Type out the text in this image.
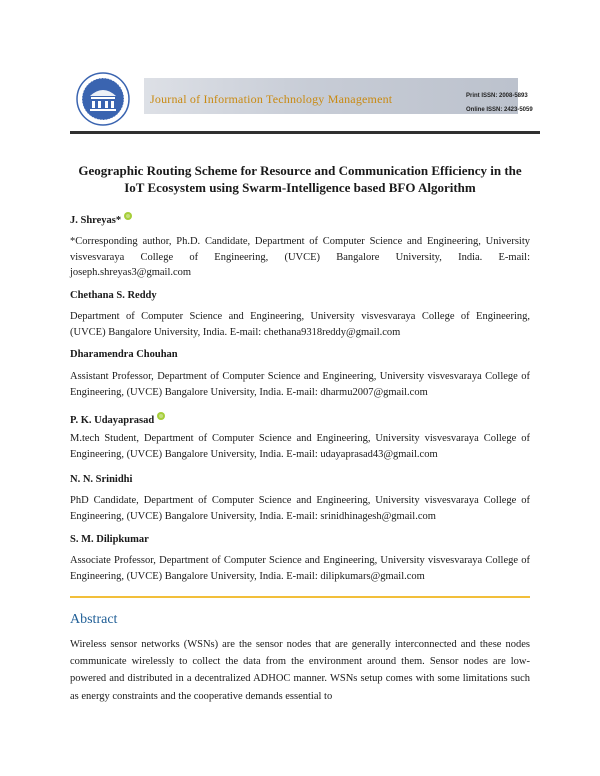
Journal of Information Technology Management	Print ISSN: 2008-5893
Online ISSN: 2423-5059
Geographic Routing Scheme for Resource and Communication Efficiency in the IoT Ecosystem using Swarm-Intelligence based BFO Algorithm
J. Shreyas*
*Corresponding author, Ph.D. Candidate, Department of Computer Science and Engineering, University visvesvaraya College of Engineering, (UVCE) Bangalore University, India. E-mail: joseph.shreyas3@gmail.com
Chethana S. Reddy
Department of Computer Science and Engineering, University visvesvaraya College of Engineering, (UVCE) Bangalore University, India. E-mail: chethana9318reddy@gmail.com
Dharamendra Chouhan
Assistant Professor, Department of Computer Science and Engineering, University visvesvaraya College of Engineering, (UVCE) Bangalore University, India. E-mail: dharmu2007@gmail.com
P. K. Udayaprasad
M.tech Student, Department of Computer Science and Engineering, University visvesvaraya College of Engineering, (UVCE) Bangalore University, India. E-mail: udayaprasad43@gmail.com
N. N. Srinidhi
PhD Candidate, Department of Computer Science and Engineering, University visvesvaraya College of Engineering, (UVCE) Bangalore University, India. E-mail: srinidhinagesh@gmail.com
S. M. Dilipkumar
Associate Professor, Department of Computer Science and Engineering, University visvesvaraya College of Engineering, (UVCE) Bangalore University, India. E-mail: dilipkumars@gmail.com
Abstract
Wireless sensor networks (WSNs) are the sensor nodes that are generally interconnected and these nodes communicate wirelessly to collect the data from the environment around them. Sensor nodes are low-powered and distributed in a decentralized ADHOC manner. WSNs setup comes with some limitations such as energy constraints and the cooperative demands essential to
